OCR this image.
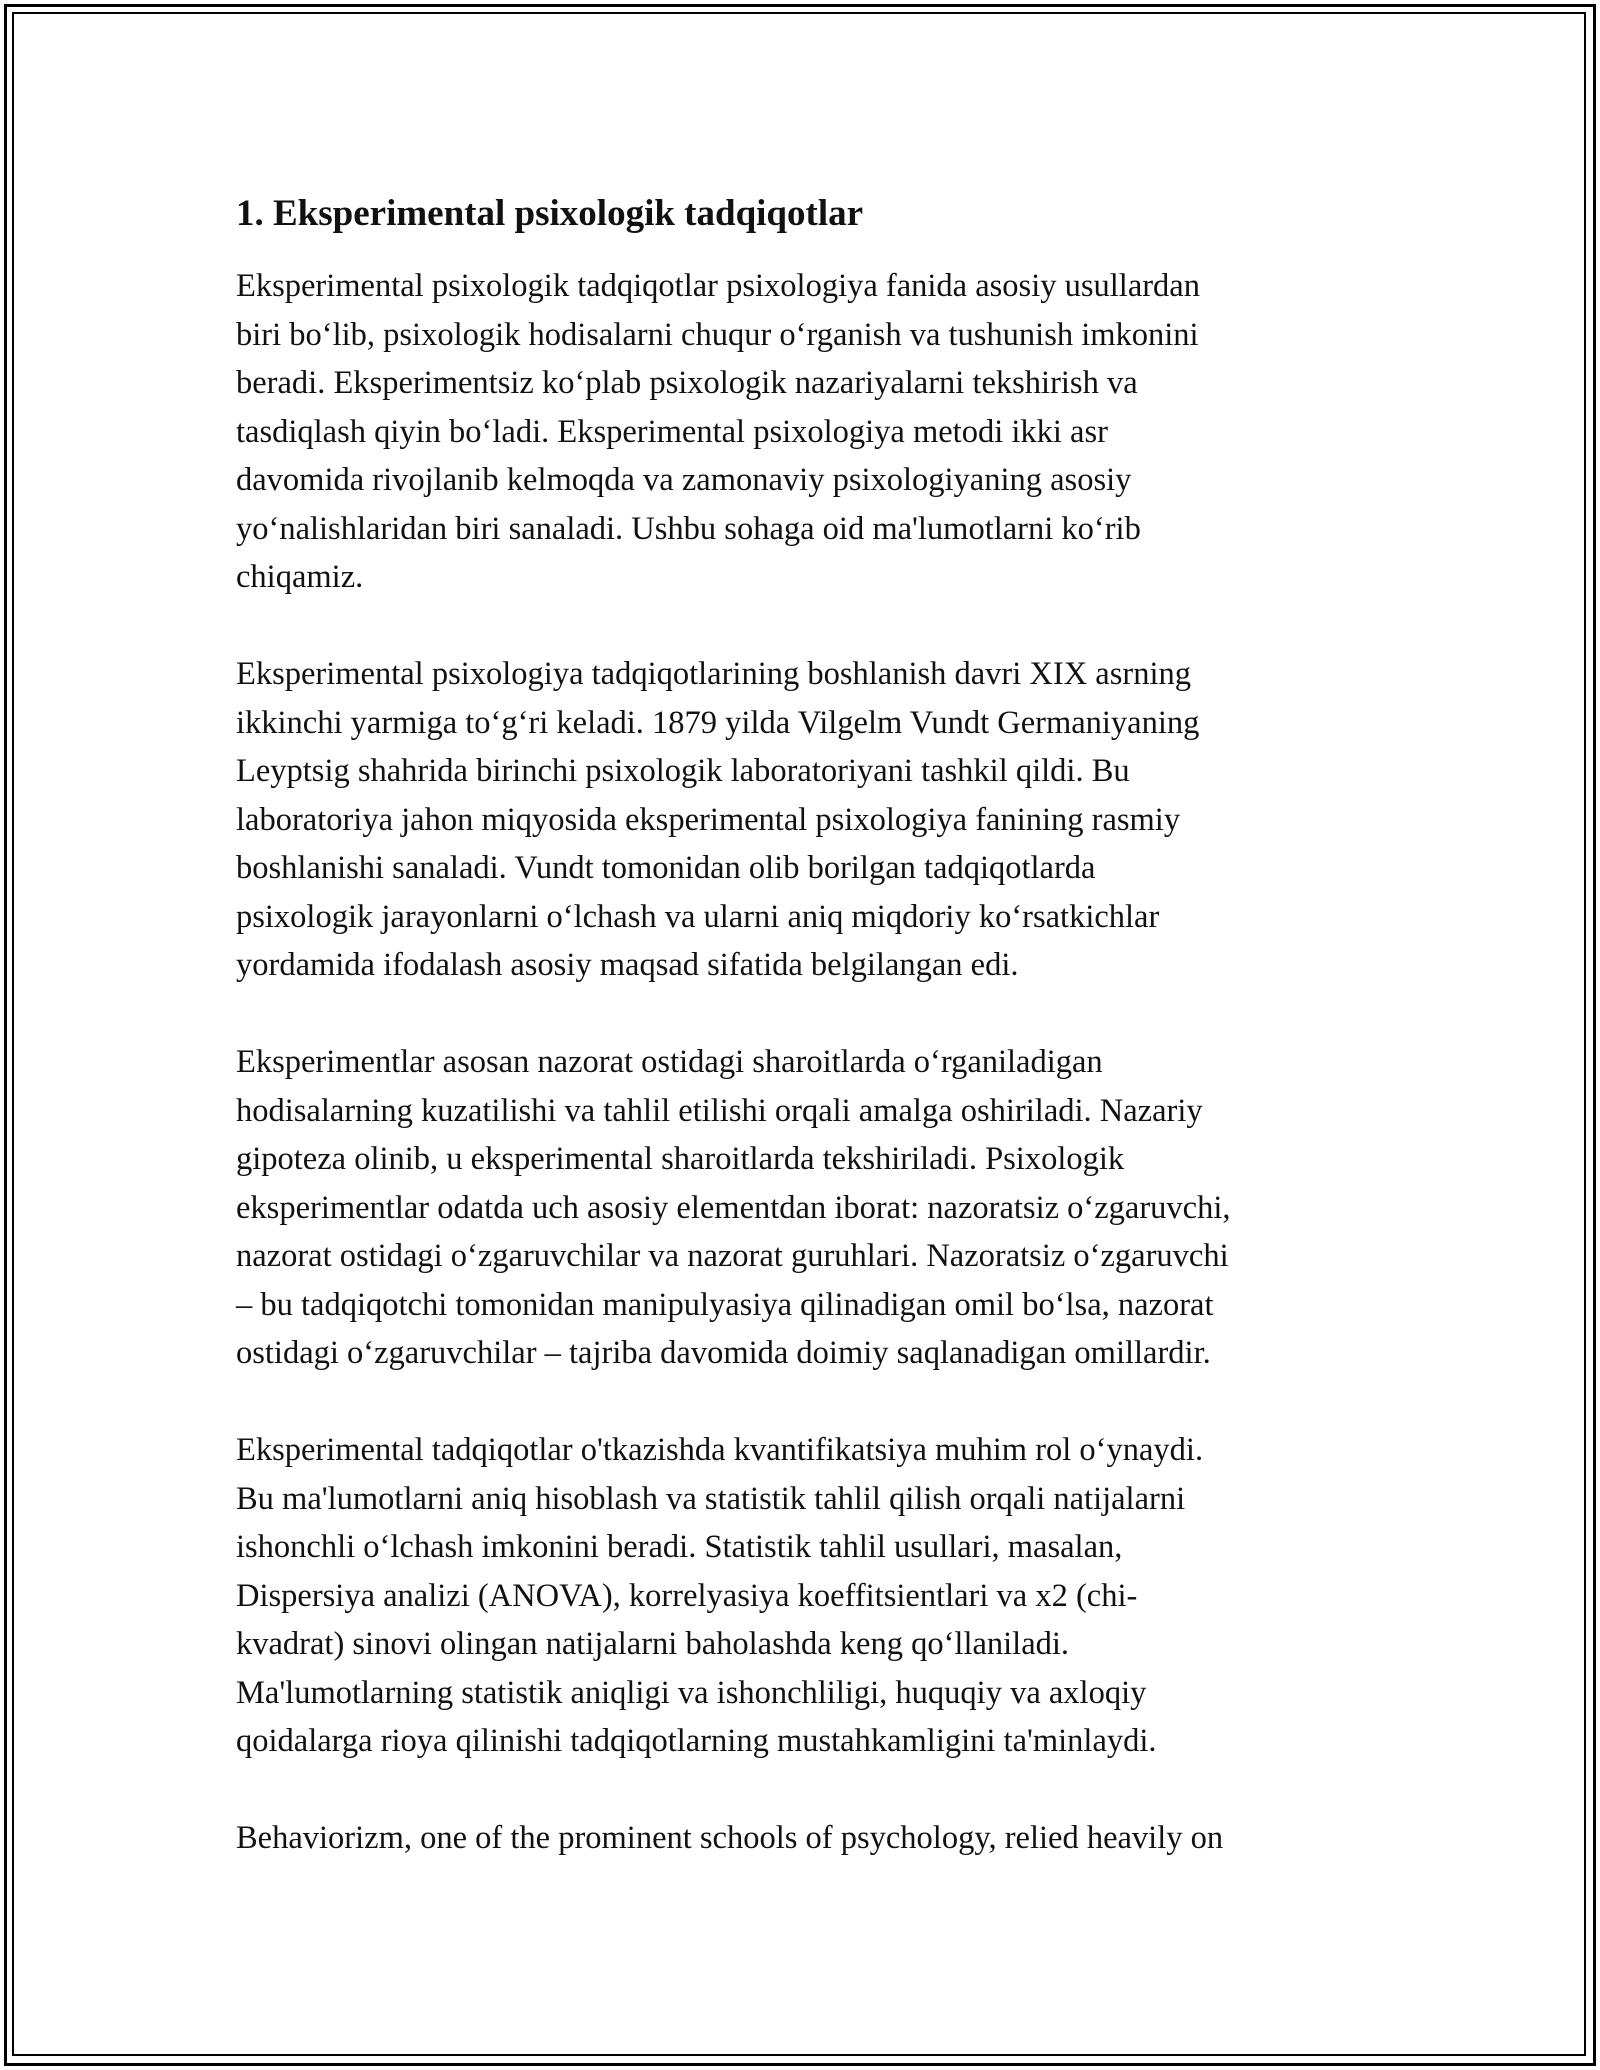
1. Eksperimental psixologik tadqiqotlar

Eksperimental psixologik tadqiqotlar psixologiya fanida asosiy usullardan
biri bo‘lib, psixologik hodisalarni chuqur o‘rganish va tushunish imkonini
beradi. Eksperimentsiz ko‘plab psixologik nazariyalarni tekshirish va
tasdiqlash qiyin bo‘ladi. Eksperimental psixologiya metodi ikki asr
davomida rivojlanib kelmoqda va zamonaviy psixologiyaning asosiy
yo‘nalishlaridan biri sanaladi. Ushbu sohaga oid ma'lumotlarni ko‘rib
chiqamiz.

Eksperimental psixologiya tadqiqotlarining boshlanish davri XIX asrning
ikkinchi yarmiga to‘g‘ri keladi. 1879 yilda Vilgelm Vundt Germaniyaning
Leyptsig shahrida birinchi psixologik laboratoriyani tashkil qildi. Bu
laboratoriya jahon miqyosida eksperimental psixologiya fanining rasmiy
boshlanishi sanaladi. Vundt tomonidan olib borilgan tadqiqotlarda
psixologik jarayonlarni o‘lchash va ularni aniq miqdoriy ko‘rsatkichlar
yordamida ifodalash asosiy maqsad sifatida belgilangan edi.

Eksperimentlar asosan nazorat ostidagi sharoitlarda o‘rganiladigan
hodisalarning kuzatilishi va tahlil etilishi orqali amalga oshiriladi. Nazariy
gipoteza olinib, u eksperimental sharoitlarda tekshiriladi. Psixologik
eksperimentlar odatda uch asosiy elementdan iborat: nazoratsiz o‘zgaruvchi,
nazorat ostidagi o‘zgaruvchilar va nazorat guruhlari. Nazoratsiz o‘zgaruvchi
– bu tadqiqotchi tomonidan manipulyasiya qilinadigan omil bo‘lsa, nazorat
ostidagi o‘zgaruvchilar – tajriba davomida doimiy saqlanadigan omillardir.

Eksperimental tadqiqotlar o'tkazishda kvantifikatsiya muhim rol o‘ynaydi.
Bu ma'lumotlarni aniq hisoblash va statistik tahlil qilish orqali natijalarni
ishonchli o‘lchash imkonini beradi. Statistik tahlil usullari, masalan,
Dispersiya analizi (ANOVA), korrelyasiya koeffitsientlari va x2 (chi-
kvadrat) sinovi olingan natijalarni baholashda keng qo‘llaniladi.
Ma'lumotlarning statistik aniqligi va ishonchliligi, huquqiy va axloqiy
qoidalarga rioya qilinishi tadqiqotlarning mustahkamligini ta'minlaydi.

Behaviorizm, one of the prominent schools of psychology, relied heavily on
